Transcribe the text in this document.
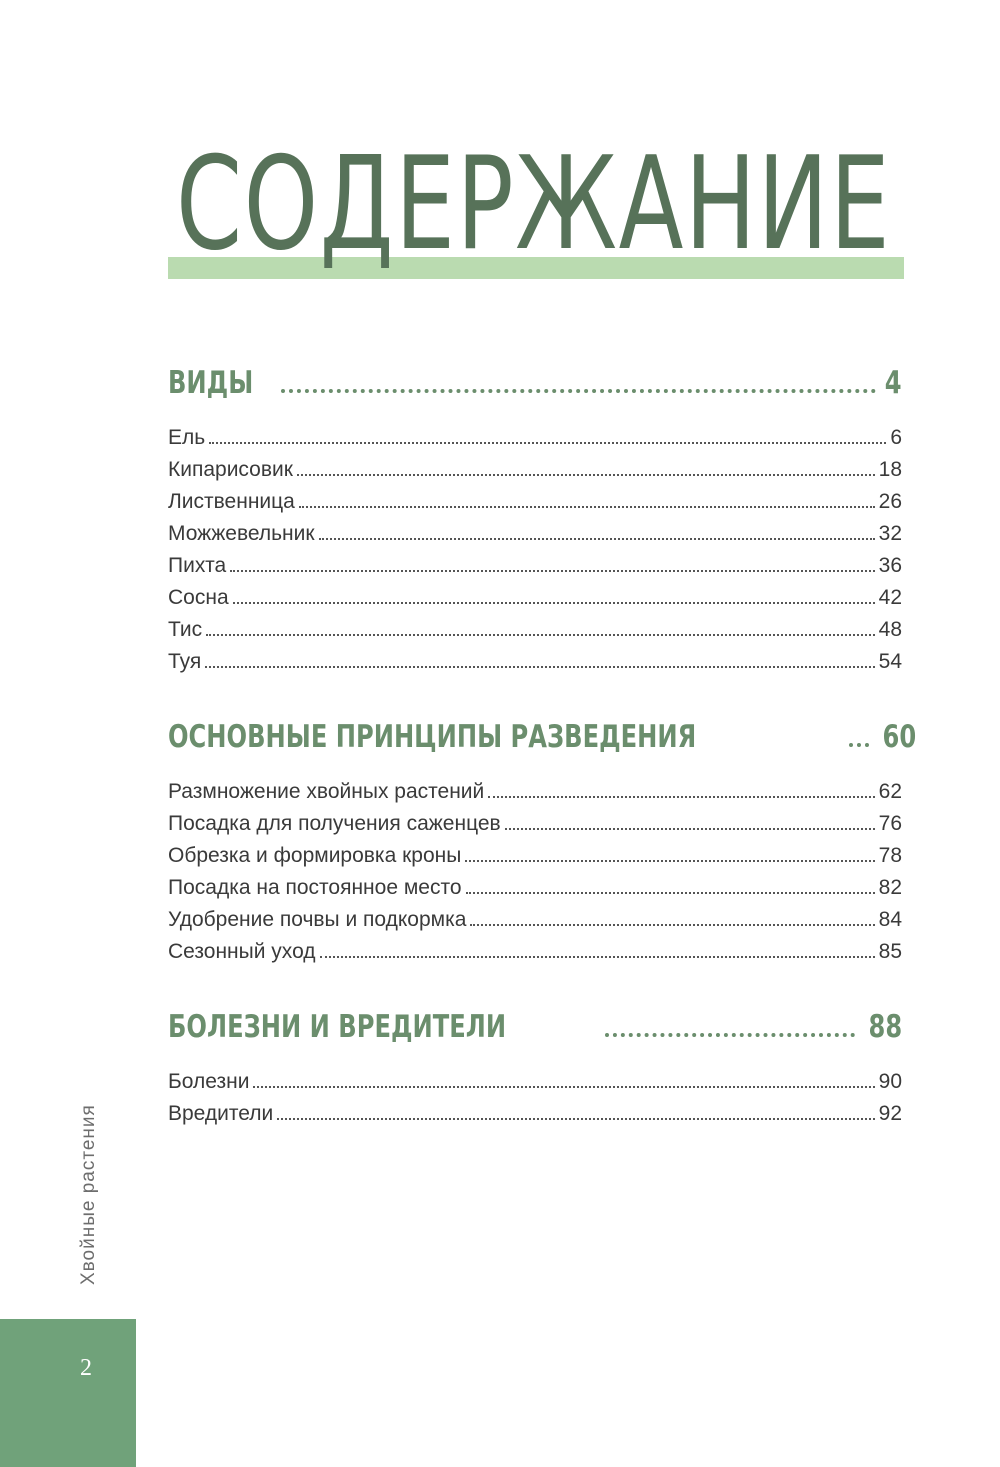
СОДЕРЖАНИЕ
ВИДЫ	4
Ель	6
Кипарисовик	18
Лиственница	26
Можжевельник	32
Пихта	36
Сосна	42
Тис	48
Туя	54
ОСНОВНЫЕ ПРИНЦИПЫ РАЗВЕДЕНИЯ	60
Размножение хвойных растений	62
Посадка для получения саженцев	76
Обрезка и формировка кроны	78
Посадка на постоянное место	82
Удобрение почвы и подкормка	84
Сезонный уход	85
БОЛЕЗНИ И ВРЕДИТЕЛИ	88
Болезни	90
Вредители	92
Хвойные растения
2
